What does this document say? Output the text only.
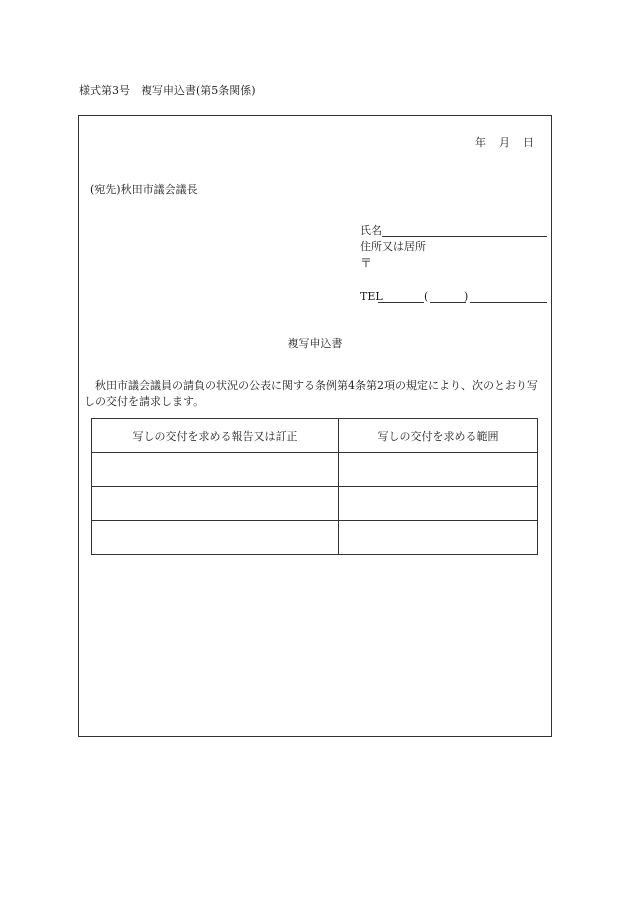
様式第3号　複写申込書(第5条関係)
年 月 日
(宛先)秋田市議会議長
氏名
住所又は居所
〒
TEL	(	)
複写申込書
秋田市議会議員の請負の状況の公表に関する条例第4条第2項の規定により、次のとおり写しの交付を請求します。
写しの交付を求める報告又は訂正	写しの交付を求める範囲
